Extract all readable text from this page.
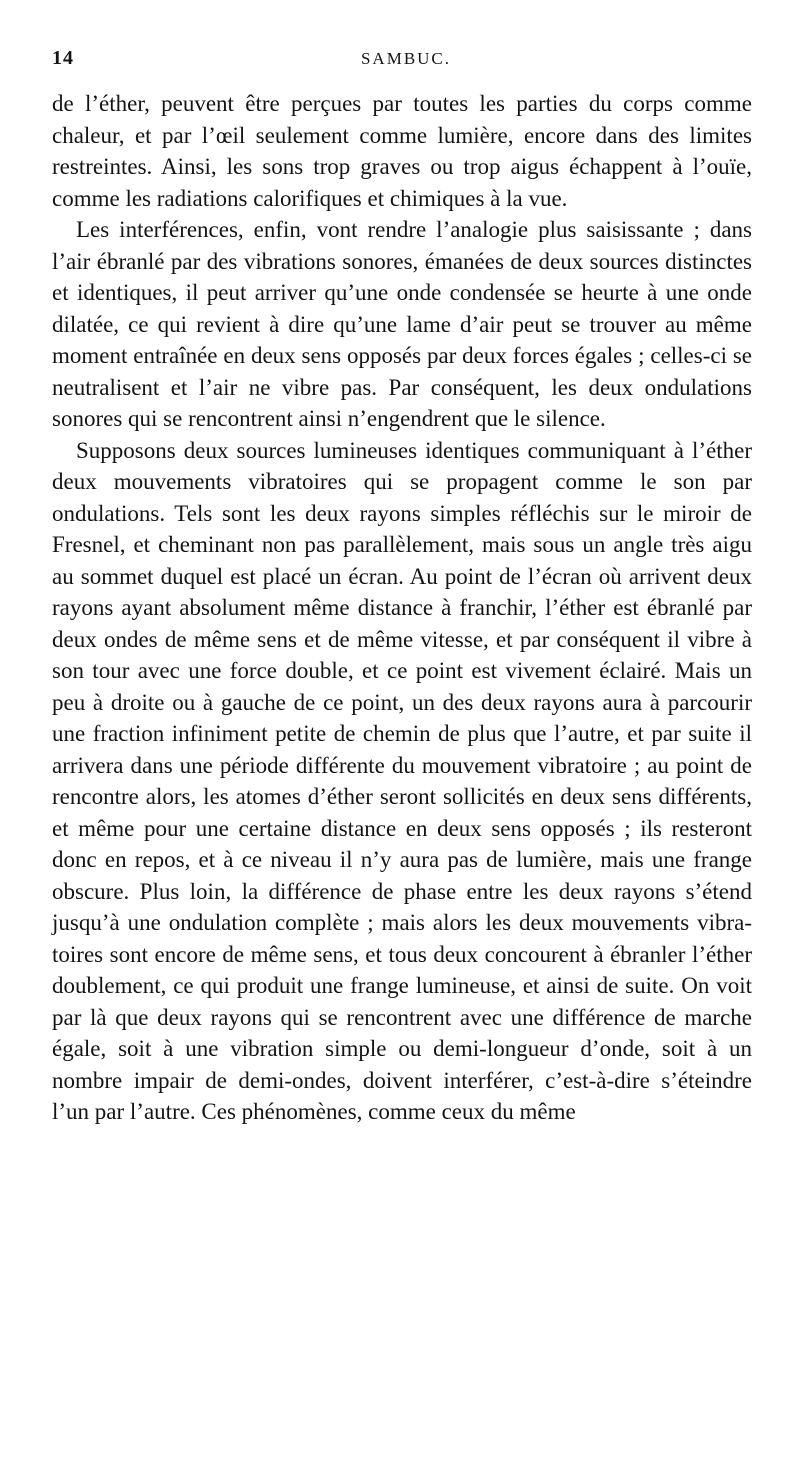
14	SAMBUC.

de l’éther, peuvent être perçues par toutes les parties du corps comme chaleur, et par l’œil seulement comme lumière, encore dans des limites restreintes. Ainsi, les sons trop graves ou trop aigus échappent à l’ouïe, comme les radiations calorifiques et chimiques à la vue.

Les interférences, enfin, vont rendre l’analogie plus saisissante ; dans l’air ébranlé par des vibrations sonores, émanées de deux sources distinctes et identiques, il peut arriver qu’une onde condensée se heurte à une onde dilatée, ce qui revient à dire qu’une lame d’air peut se trouver au même moment entraînée en deux sens opposés par deux forces égales ; celles-ci se neutralisent et l’air ne vibre pas. Par conséquent, les deux ondulations sonores qui se rencontrent ainsi n’engendrent que le silence.

Supposons deux sources lumineuses identiques communiquant à l’éther deux mouvements vibratoires qui se propagent comme le son par ondulations. Tels sont les deux rayons simples réfléchis sur le miroir de Fresnel, et cheminant non pas parallèlement, mais sous un angle très aigu au sommet duquel est placé un écran. Au point de l’écran où arrivent deux rayons ayant absolument même distance à franchir, l’éther est ébranlé par deux ondes de même sens et de même vitesse, et par conséquent il vibre à son tour avec une force double, et ce point est vivement éclairé. Mais un peu à droite ou à gauche de ce point, un des deux rayons aura à parcourir une fraction infiniment petite de chemin de plus que l’autre, et par suite il arrivera dans une période différente du mouvement vibratoire ; au point de rencontre alors, les atomes d’éther seront sollicités en deux sens différents, et même pour une certaine distance en deux sens opposés ; ils resteront donc en repos, et à ce niveau il n’y aura pas de lumière, mais une frange obscure. Plus loin, la différence de phase entre les deux rayons s’étend jusqu’à une ondulation complète ; mais alors les deux mouvements vibratoires sont encore de même sens, et tous deux concourent à ébranler l’éther doublement, ce qui produit une frange lumineuse, et ainsi de suite. On voit par là que deux rayons qui se rencontrent avec une différence de marche égale, soit à une vibration simple ou demi-longueur d’onde, soit à un nombre impair de demi-ondes, doivent interférer, c’est-à-dire s’éteindre l’un par l’autre. Ces phénomènes, comme ceux du même
